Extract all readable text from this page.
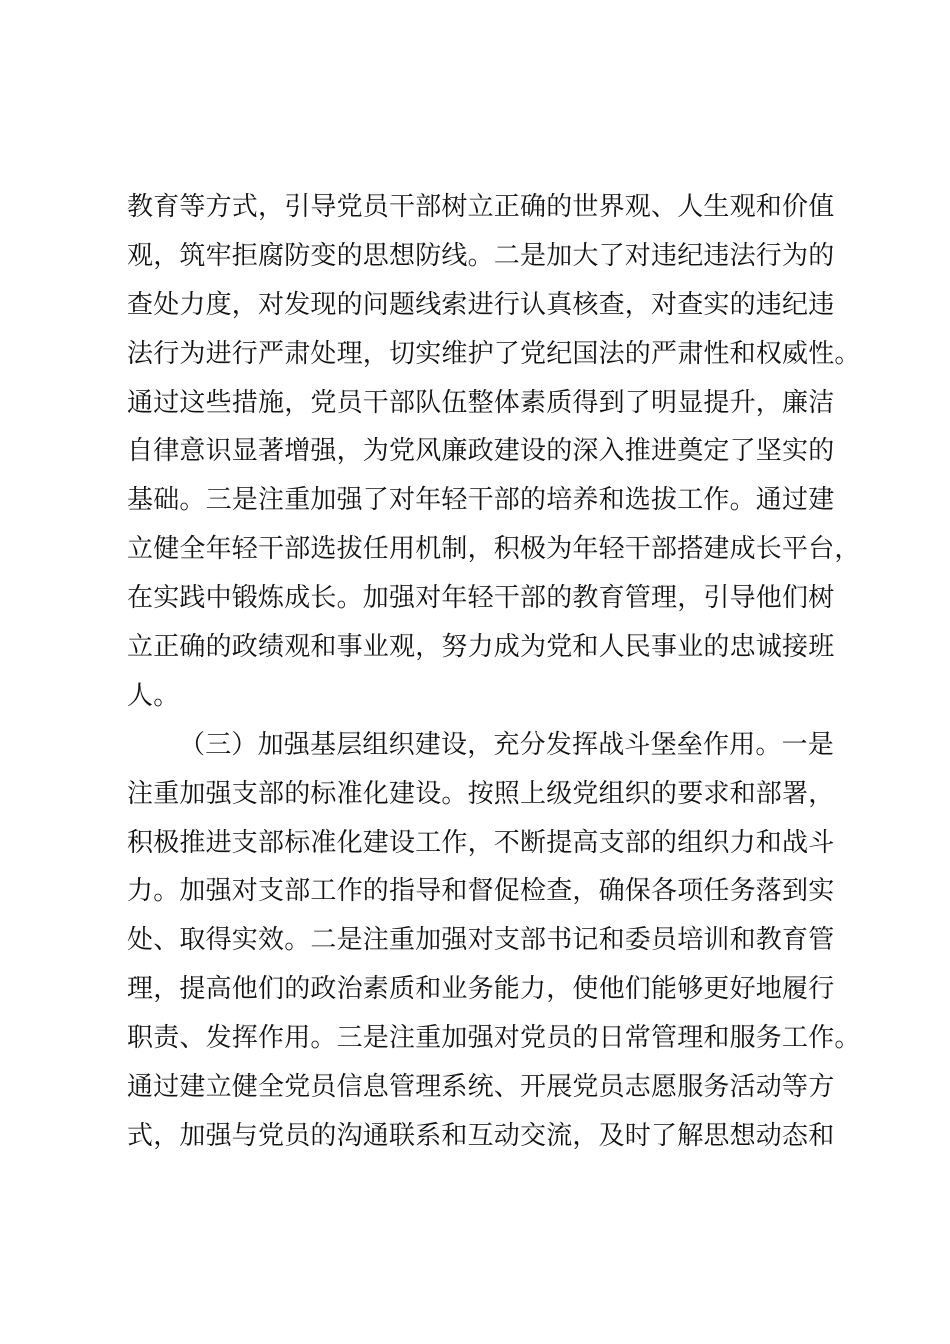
教育等方式，引导党员干部树立正确的世界观、人生观和价值
观，筑牢拒腐防变的思想防线。二是加大了对违纪违法行为的
查处力度，对发现的问题线索进行认真核查，对查实的违纪违
法行为进行严肃处理，切实维护了党纪国法的严肃性和权威性。
通过这些措施，党员干部队伍整体素质得到了明显提升，廉洁
自律意识显著增强，为党风廉政建设的深入推进奠定了坚实的
基础。三是注重加强了对年轻干部的培养和选拔工作。通过建
立健全年轻干部选拔任用机制，积极为年轻干部搭建成长平台，
在实践中锻炼成长。加强对年轻干部的教育管理，引导他们树
立正确的政绩观和事业观，努力成为党和人民事业的忠诚接班
人。
（三）加强基层组织建设，充分发挥战斗堡垒作用。一是
注重加强支部的标准化建设。按照上级党组织的要求和部署，
积极推进支部标准化建设工作，不断提高支部的组织力和战斗
力。加强对支部工作的指导和督促检查，确保各项任务落到实
处、取得实效。二是注重加强对支部书记和委员培训和教育管
理，提高他们的政治素质和业务能力，使他们能够更好地履行
职责、发挥作用。三是注重加强对党员的日常管理和服务工作。
通过建立健全党员信息管理系统、开展党员志愿服务活动等方
式，加强与党员的沟通联系和互动交流，及时了解思想动态和
